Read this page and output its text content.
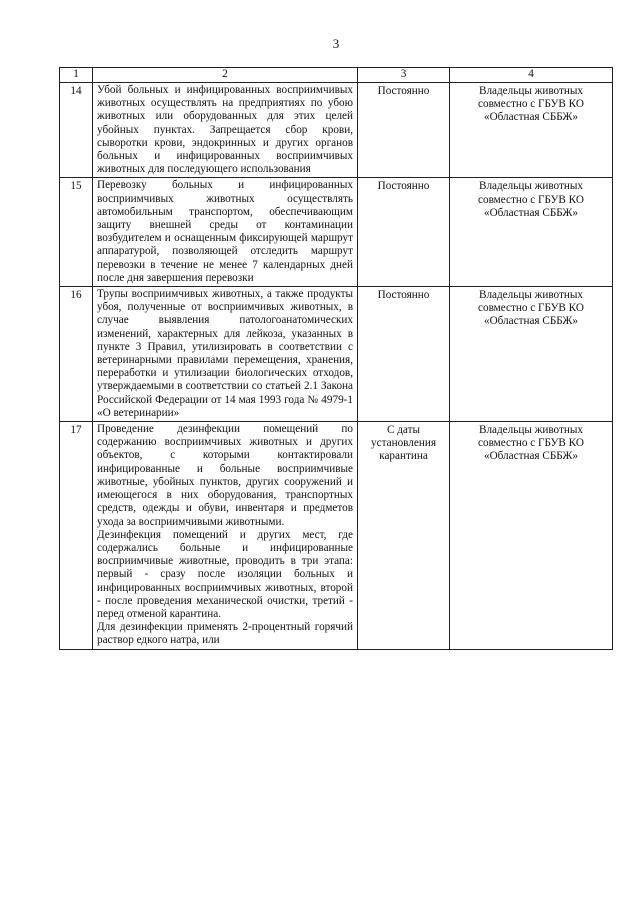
3
1	2	3	4
14	Убой больных и инфицированных восприимчивых животных осуществлять на предприятиях по убою животных или оборудованных для этих целей убойных пунктах. Запрещается сбор крови, сыворотки крови, эндокринных и других органов больных и инфицированных восприимчивых животных для последующего использования	Постоянно	Владельцы животных совместно с ГБУВ КО «Областная СББЖ»
15	Перевозку больных и инфицированных восприимчивых животных осуществлять автомобильным транспортом, обеспечивающим защиту внешней среды от контаминации возбудителем и оснащенным фиксирующей маршрут аппаратурой, позволяющей отследить маршрут перевозки в течение не менее 7 календарных дней после дня завершения перевозки	Постоянно	Владельцы животных совместно с ГБУВ КО «Областная СББЖ»
16	Трупы восприимчивых животных, а также продукты убоя, полученные от восприимчивых животных, в случае выявления патологоанатомических изменений, характерных для лейкоза, указанных в пункте 3 Правил, утилизировать в соответствии с ветеринарными правилами перемещения, хранения, переработки и утилизации биологических отходов, утверждаемыми в соответствии со статьей 2.1 Закона Российской Федерации от 14 мая 1993 года № 4979-1 «О ветеринарии»	Постоянно	Владельцы животных совместно с ГБУВ КО «Областная СББЖ»
17	Проведение дезинфекции помещений по содержанию восприимчивых животных и других объектов, с которыми контактировали инфицированные и больные восприимчивые животные, убойных пунктов, других сооружений и имеющегося в них оборудования, транспортных средств, одежды и обуви, инвентаря и предметов ухода за восприимчивыми животными.

Дезинфекция помещений и других мест, где содержались больные и инфицированные восприимчивые животные, проводить в три этапа: первый - сразу после изоляции больных и инфицированных восприимчивых животных, второй - после проведения механической очистки, третий - перед отменой карантина.

Для дезинфекции применять 2-процентный горячий раствор едкого натра, или	С даты установления карантина	Владельцы животных совместно с ГБУВ КО «Областная СББЖ»
